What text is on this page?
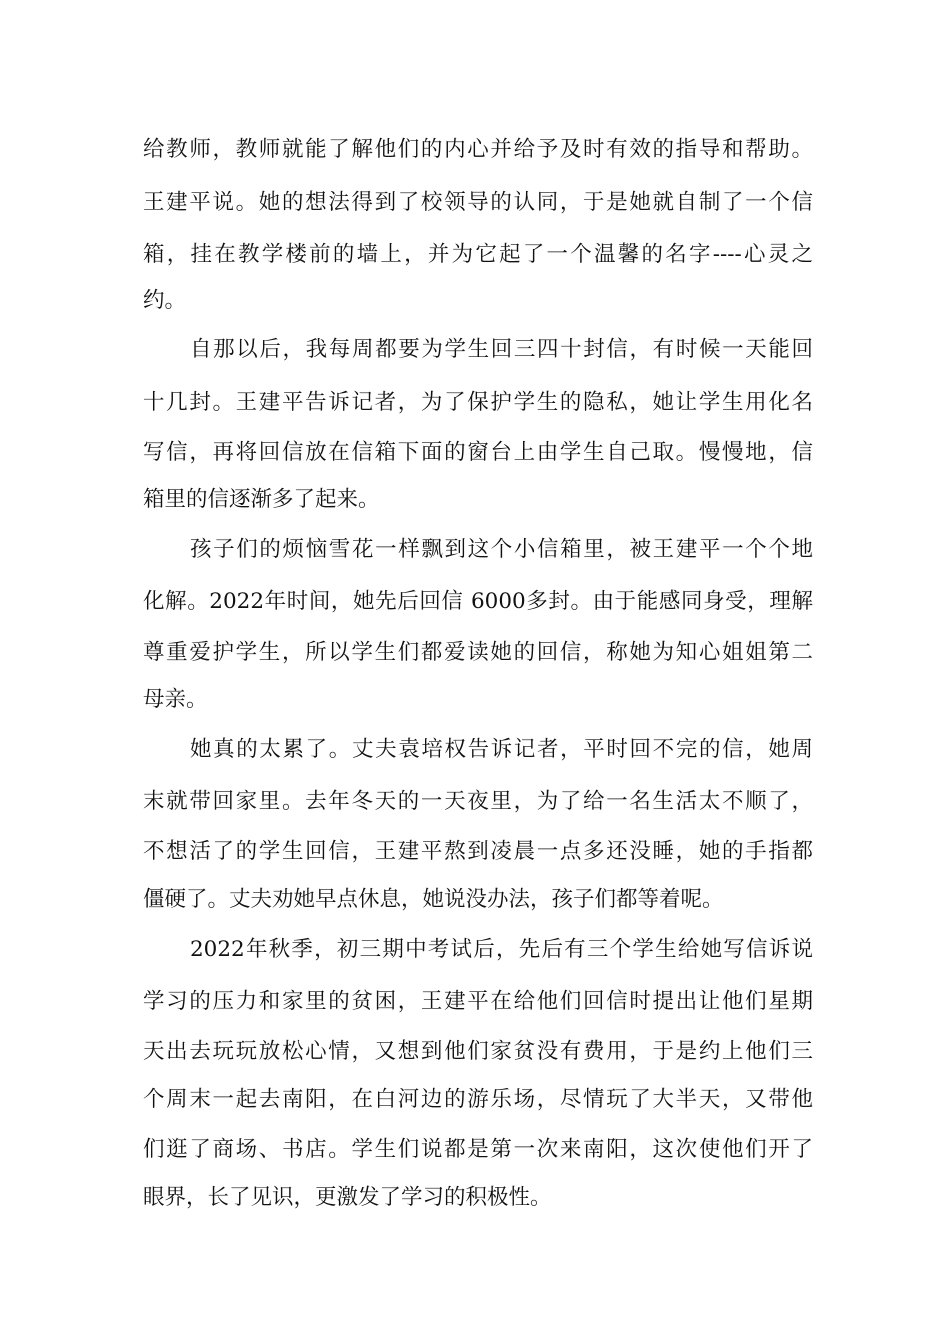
给教师，教师就能了解他们的内心并给予及时有效的指导和帮助。
王建平说。她的想法得到了校领导的认同，于是她就自制了一个信
箱，挂在教学楼前的墙上，并为它起了一个温馨的名字----心灵之
约。
自那以后，我每周都要为学生回三四十封信，有时候一天能回
十几封。王建平告诉记者，为了保护学生的隐私，她让学生用化名
写信，再将回信放在信箱下面的窗台上由学生自己取。慢慢地，信
箱里的信逐渐多了起来。
孩子们的烦恼雪花一样飘到这个小信箱里，被王建平一个个地
化解。2022年时间，她先后回信 6000多封。由于能感同身受，理解
尊重爱护学生，所以学生们都爱读她的回信，称她为知心姐姐第二
母亲。
她真的太累了。丈夫袁培权告诉记者，平时回不完的信，她周
末就带回家里。去年冬天的一天夜里，为了给一名生活太不顺了，
不想活了的学生回信，王建平熬到凌晨一点多还没睡，她的手指都
僵硬了。丈夫劝她早点休息，她说没办法，孩子们都等着呢。
2022年秋季，初三期中考试后，先后有三个学生给她写信诉说
学习的压力和家里的贫困，王建平在给他们回信时提出让他们星期
天出去玩玩放松心情，又想到他们家贫没有费用，于是约上他们三
个周末一起去南阳，在白河边的游乐场，尽情玩了大半天，又带他
们逛了商场、书店。学生们说都是第一次来南阳，这次使他们开了
眼界，长了见识，更激发了学习的积极性。
